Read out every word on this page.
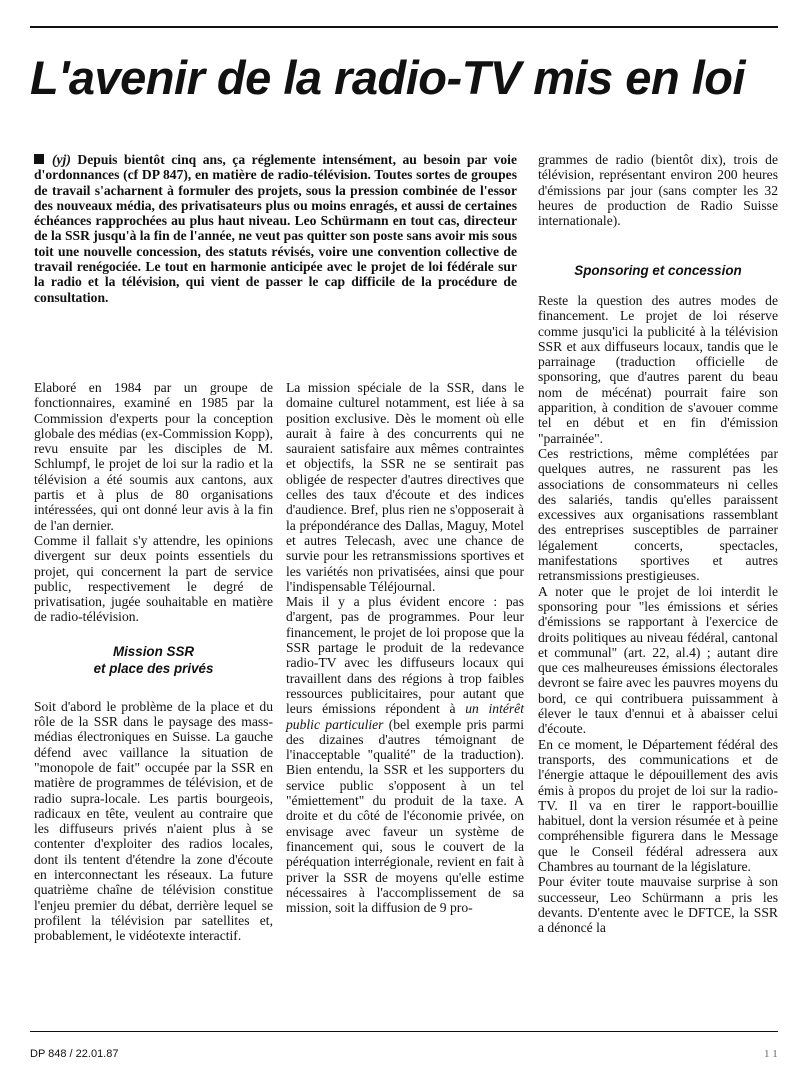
L'avenir de la radio-TV mis en loi

(yj) Depuis bientôt cinq ans, ça réglemente intensément, au besoin par voie d'ordonnances (cf DP 847), en matière de radio-télévision. Toutes sortes de groupes de travail s'acharnent à formuler des projets, sous la pression combinée de l'essor des nouveaux média, des privatisateurs plus ou moins enragés, et aussi de certaines échéances rapprochées au plus haut niveau. Leo Schürmann en tout cas, directeur de la SSR jusqu'à la fin de l'année, ne veut pas quitter son poste sans avoir mis sous toit une nouvelle concession, des statuts révisés, voire une convention collective de travail renégociée. Le tout en harmonie anticipée avec le projet de loi fédérale sur la radio et la télévision, qui vient de passer le cap difficile de la procédure de consultation.

grammes de radio (bientôt dix), trois de télévision, représentant environ 200 heures d'émissions par jour (sans compter les 32 heures de production de Radio Suisse internationale).

Sponsoring et concession

Elaboré en 1984 par un groupe de fonctionnaires, examiné en 1985 par la Commission d'experts pour la conception globale des médias (ex-Commission Kopp), revu ensuite par les disciples de M. Schlumpf, le projet de loi sur la radio et la télévision a été soumis aux cantons, aux partis et à plus de 80 organisations intéressées, qui ont donné leur avis à la fin de l'an dernier.

Comme il fallait s'y attendre, les opinions divergent sur deux points essentiels du projet, qui concernent la part de service public, respectivement le degré de privatisation, jugée souhaitable en matière de radio-télévision.

Mission SSR
et place des privés

Soit d'abord le problème de la place et du rôle de la SSR dans le paysage des mass-médias électroniques en Suisse. La gauche défend avec vaillance la situation de "monopole de fait" occupée par la SSR en matière de programmes de télévision, et de radio supra-locale. Les partis bourgeois, radicaux en tête, veulent au contraire que les diffuseurs privés n'aient plus à se contenter d'exploiter des radios locales, dont ils tentent d'étendre la zone d'écoute en interconnectant les réseaux. La future quatrième chaîne de télévision constitue l'enjeu premier du débat, derrière lequel se profilent la télévision par satellites et, probablement, le vidéotexte interactif.

La mission spéciale de la SSR, dans le domaine culturel notamment, est liée à sa position exclusive. Dès le moment où elle aurait à faire à des concurrents qui ne sauraient satisfaire aux mêmes contraintes et objectifs, la SSR ne se sentirait pas obligée de respecter d'autres directives que celles des taux d'écoute et des indices d'audience. Bref, plus rien ne s'opposerait à la prépondérance des Dallas, Maguy, Motel et autres Telecash, avec une chance de survie pour les retransmissions sportives et les variétés non privatisées, ainsi que pour l'indispensable Téléjournal.

Mais il y a plus évident encore : pas d'argent, pas de programmes. Pour leur financement, le projet de loi propose que la SSR partage le produit de la redevance radio-TV avec les diffuseurs locaux qui travaillent dans des régions à trop faibles ressources publicitaires, pour autant que leurs émissions répondent à un intérêt public particulier (bel exemple pris parmi des dizaines d'autres témoignant de l'inacceptable "qualité" de la traduction). Bien entendu, la SSR et les supporters du service public s'opposent à un tel "émiettement" du produit de la taxe. A droite et du côté de l'économie privée, on envisage avec faveur un système de financement qui, sous le couvert de la péréquation interrégionale, revient en fait à priver la SSR de moyens qu'elle estime nécessaires à l'accomplissement de sa mission, soit la diffusion de 9 pro-

Reste la question des autres modes de financement. Le projet de loi réserve comme jusqu'ici la publicité à la télévision SSR et aux diffuseurs locaux, tandis que le parrainage (traduction officielle de sponsoring, que d'autres parent du beau nom de mécénat) pourrait faire son apparition, à condition de s'avouer comme tel en début et en fin d'émission "parrainée".

Ces restrictions, même complétées par quelques autres, ne rassurent pas les associations de consommateurs ni celles des salariés, tandis qu'elles paraissent excessives aux organisations rassemblant des entreprises susceptibles de parrainer légalement concerts, spectacles, manifestations sportives et autres retransmissions prestigieuses.

A noter que le projet de loi interdit le sponsoring pour "les émissions et séries d'émissions se rapportant à l'exercice de droits politiques au niveau fédéral, cantonal et communal" (art. 22, al.4) ; autant dire que ces malheureuses émissions électorales devront se faire avec les pauvres moyens du bord, ce qui contribuera puissamment à élever le taux d'ennui et à abaisser celui d'écoute.

En ce moment, le Département fédéral des transports, des communications et de l'énergie attaque le dépouillement des avis émis à propos du projet de loi sur la radio-TV. Il va en tirer le rapport-bouillie habituel, dont la version résumée et à peine compréhensible figurera dans le Message que le Conseil fédéral adressera aux Chambres au tournant de la législature.

Pour éviter toute mauvaise surprise à son successeur, Leo Schürmann a pris les devants. D'entente avec le DFTCE, la SSR a dénoncé la

DP 848 / 22.01.87	1 1
